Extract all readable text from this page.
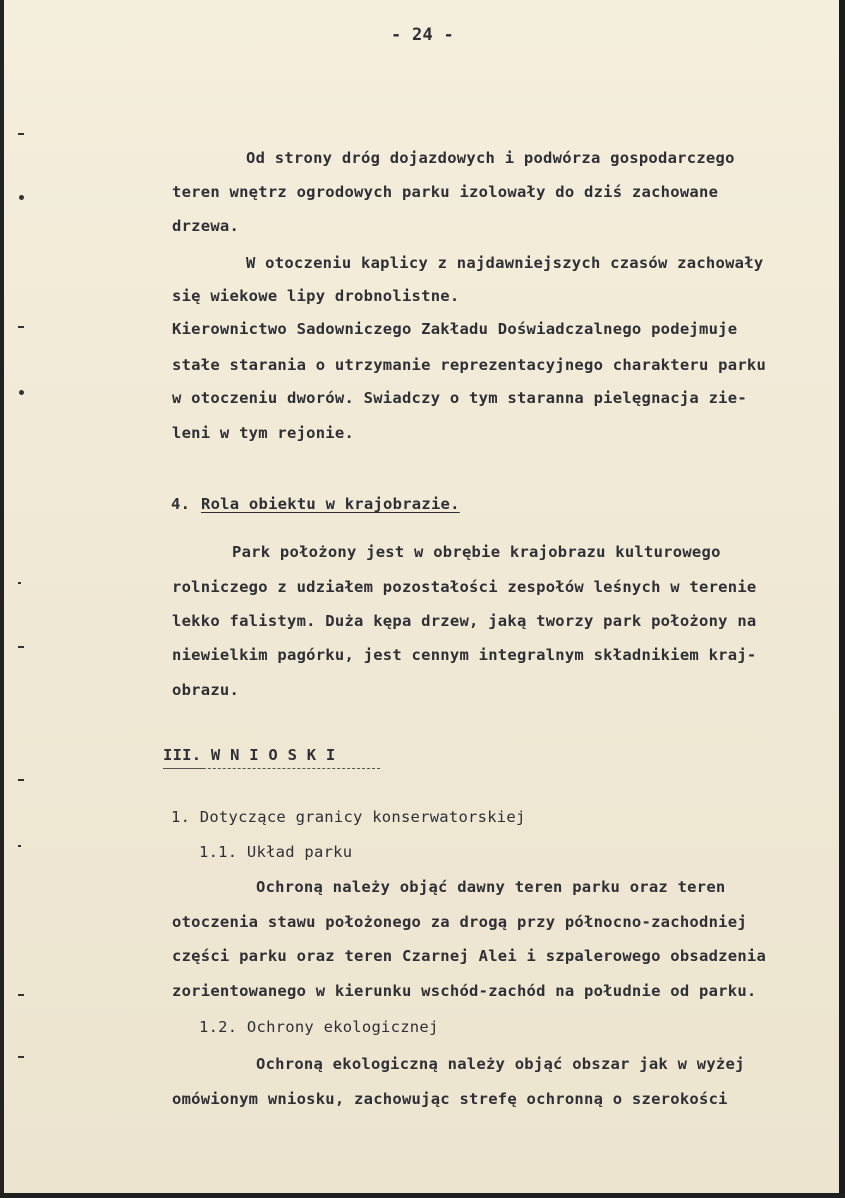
- 24 -
Od strony dróg dojazdowych i podwórza gospodarczego
teren wnętrz ogrodowych parku izolowały do dziś zachowane
drzewa.
W otoczeniu kaplicy z najdawniejszych czasów zachowały
się wiekowe lipy drobnolistne.
Kierownictwo Sadowniczego Zakładu Doświadczalnego podejmuje
stałe starania o utrzymanie reprezentacyjnego charakteru parku
w otoczeniu dworów. Swiadczy o tym staranna pielęgnacja zie-
leni w tym rejonie.
4. Rola obiektu w krajobrazie.
Park położony jest w obrębie krajobrazu kulturowego
rolniczego z udziałem pozostałości zespołów leśnych w terenie
lekko falistym. Duża kępa drzew, jaką tworzy park położony na
niewielkim pagórku, jest cennym integralnym składnikiem kraj-
obrazu.
III. W N I O S K I
1. Dotyczące granicy konserwatorskiej
1.1. Układ parku
Ochroną należy objąć dawny teren parku oraz teren
otoczenia stawu położonego za drogą przy północno-zachodniej
części parku oraz teren Czarnej Alei i szpalerowego obsadzenia
zorientowanego w kierunku wschód-zachód na południe od parku.
1.2. Ochrony ekologicznej
Ochroną ekologiczną należy objąć obszar jak w wyżej
omówionym wniosku, zachowując strefę ochronną o szerokości
